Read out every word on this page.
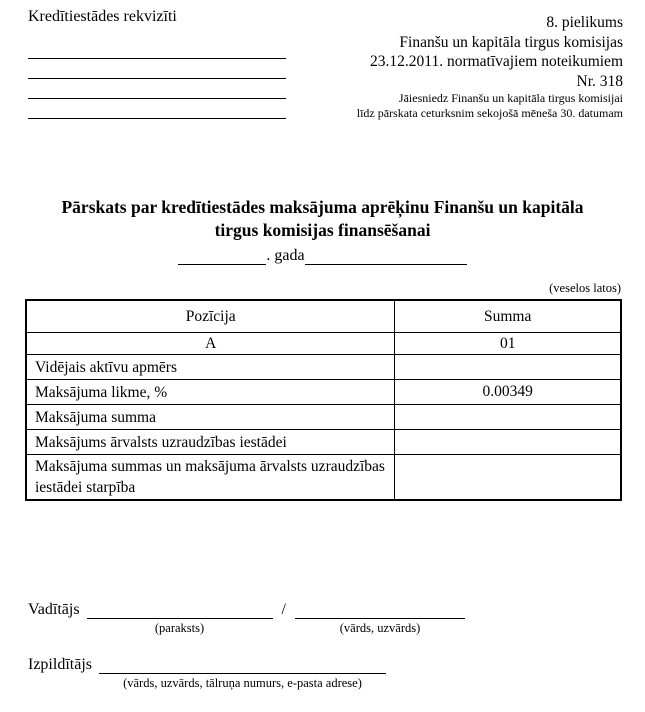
Kredītiestādes rekvizīti	8. pielikums
Finanšu un kapitāla tirgus komisijas
23.12.2011. normatīvajiem noteikumiem
Nr. 318
Jāiesniedz Finanšu un kapitāla tirgus komisijai
līdz pārskata ceturksnim sekojošā mēneša 30. datumam
Pārskats par kredītiestādes maksājuma aprēķinu Finanšu un kapitāla
tirgus komisijas finansēšanai
. gada
(veselos latos)
Pozīcija	Summa
A	01
Vidējais aktīvu apmērs	
Maksājuma likme, %	0.00349
Maksājuma summa	
Maksājums ārvalsts uzraudzības iestādei	
Maksājuma summas un maksājuma ārvalsts uzraudzības iestādei starpība	
Vadītājs
(paraksts)
/
(vārds, uzvārds)
Izpildītājs
(vārds, uzvārds, tālruņa numurs, e-pasta adrese)
